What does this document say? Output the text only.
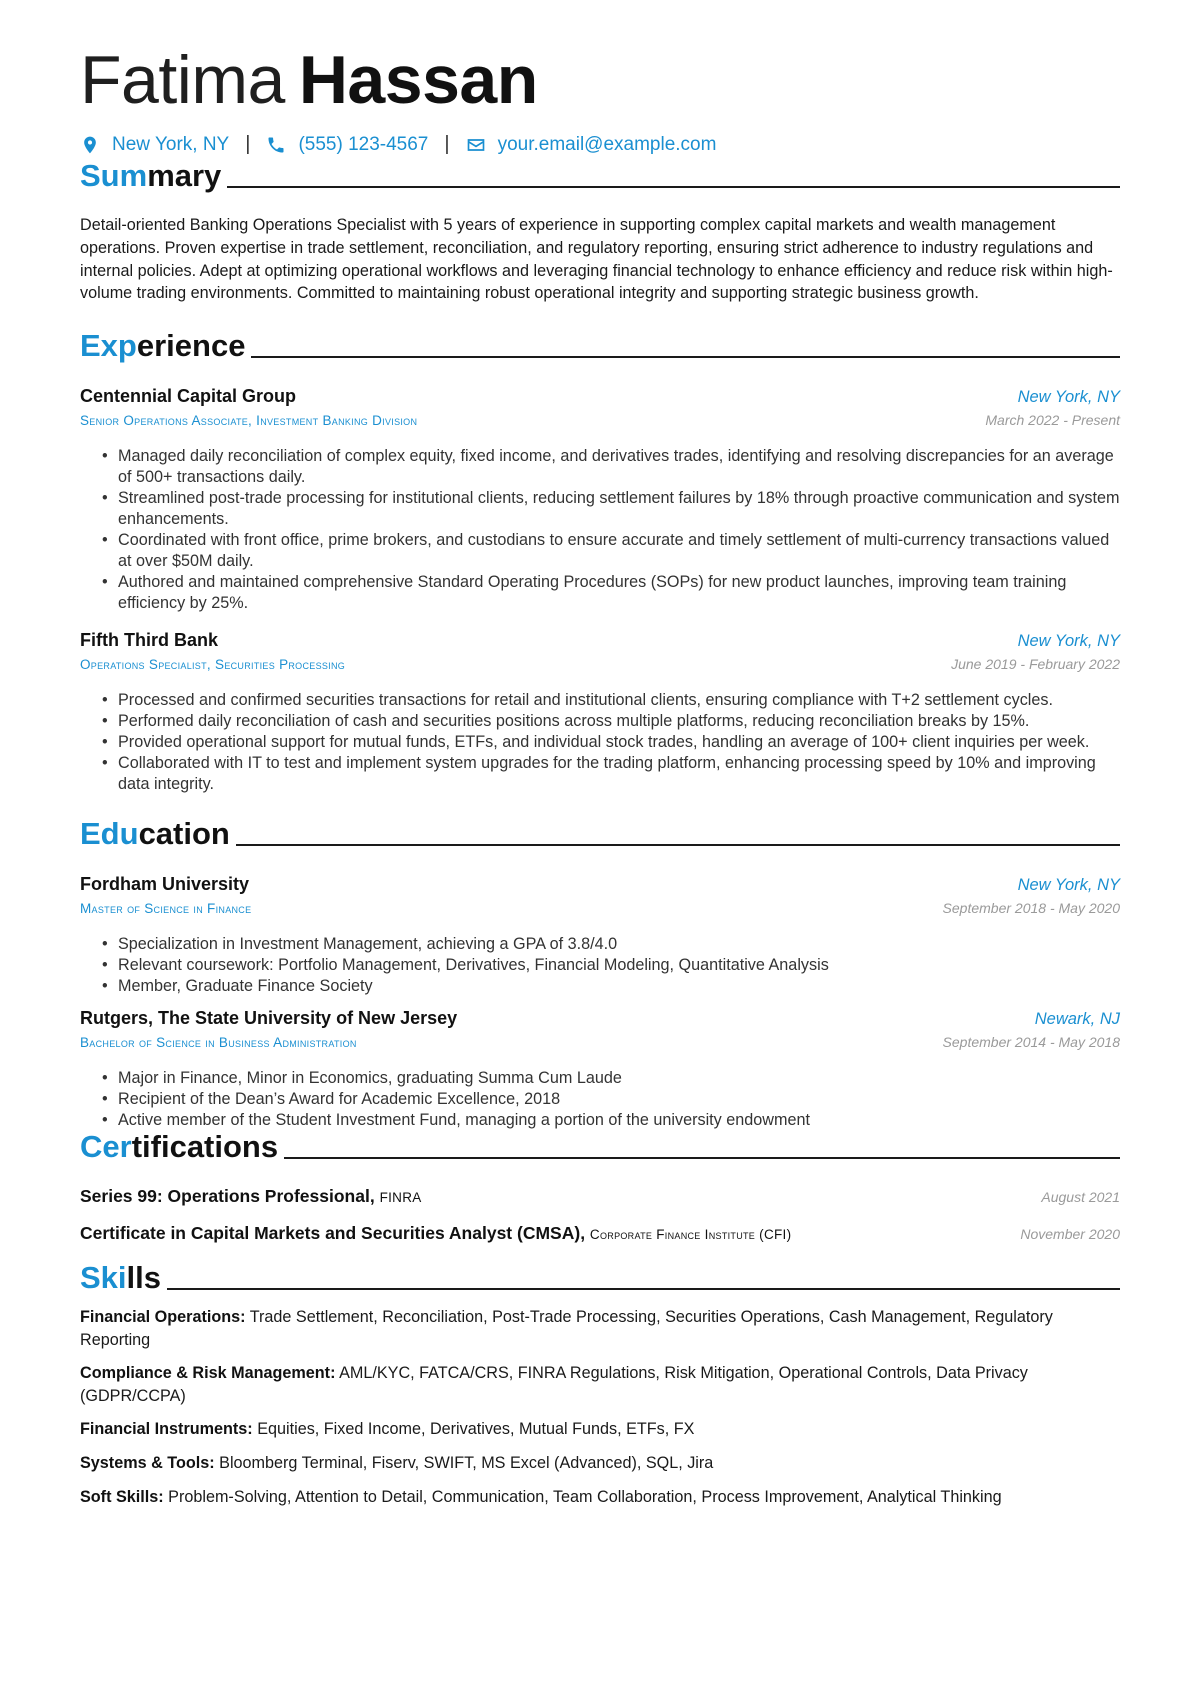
Fatima Hassan
New York, NY |	(555) 123-4567 |	your.email@example.com
Summary
Detail-oriented Banking Operations Specialist with 5 years of experience in supporting complex capital markets and wealth management operations. Proven expertise in trade settlement, reconciliation, and regulatory reporting, ensuring strict adherence to industry regulations and internal policies. Adept at optimizing operational workflows and leveraging financial technology to enhance efficiency and reduce risk within high-volume trading environments. Committed to maintaining robust operational integrity and supporting strategic business growth.
Experience
Centennial Capital Group	New York, NY
Senior Operations Associate, Investment Banking Division	March 2022 - Present
• Managed daily reconciliation of complex equity, fixed income, and derivatives trades, identifying and resolving discrepancies for an average of 500+ transactions daily.
• Streamlined post-trade processing for institutional clients, reducing settlement failures by 18% through proactive communication and system enhancements.
• Coordinated with front office, prime brokers, and custodians to ensure accurate and timely settlement of multi-currency transactions valued at over $50M daily.
• Authored and maintained comprehensive Standard Operating Procedures (SOPs) for new product launches, improving team training efficiency by 25%.
Fifth Third Bank	New York, NY
Operations Specialist, Securities Processing	June 2019 - February 2022
• Processed and confirmed securities transactions for retail and institutional clients, ensuring compliance with T+2 settlement cycles.
• Performed daily reconciliation of cash and securities positions across multiple platforms, reducing reconciliation breaks by 15%.
• Provided operational support for mutual funds, ETFs, and individual stock trades, handling an average of 100+ client inquiries per week.
• Collaborated with IT to test and implement system upgrades for the trading platform, enhancing processing speed by 10% and improving data integrity.
Education
Fordham University	New York, NY
Master of Science in Finance	September 2018 - May 2020
• Specialization in Investment Management, achieving a GPA of 3.8/4.0
• Relevant coursework: Portfolio Management, Derivatives, Financial Modeling, Quantitative Analysis
• Member, Graduate Finance Society
Rutgers, The State University of New Jersey	Newark, NJ
Bachelor of Science in Business Administration	September 2014 - May 2018
• Major in Finance, Minor in Economics, graduating Summa Cum Laude
• Recipient of the Dean’s Award for Academic Excellence, 2018
• Active member of the Student Investment Fund, managing a portion of the university endowment
Certifications
Series 99: Operations Professional, FINRA	August 2021
Certificate in Capital Markets and Securities Analyst (CMSA), Corporate Finance Institute (CFI)	November 2020
Skills
Financial Operations: Trade Settlement, Reconciliation, Post-Trade Processing, Securities Operations, Cash Management, Regulatory Reporting
Compliance & Risk Management: AML/KYC, FATCA/CRS, FINRA Regulations, Risk Mitigation, Operational Controls, Data Privacy (GDPR/CCPA)
Financial Instruments: Equities, Fixed Income, Derivatives, Mutual Funds, ETFs, FX
Systems & Tools: Bloomberg Terminal, Fiserv, SWIFT, MS Excel (Advanced), SQL, Jira
Soft Skills: Problem-Solving, Attention to Detail, Communication, Team Collaboration, Process Improvement, Analytical Thinking
